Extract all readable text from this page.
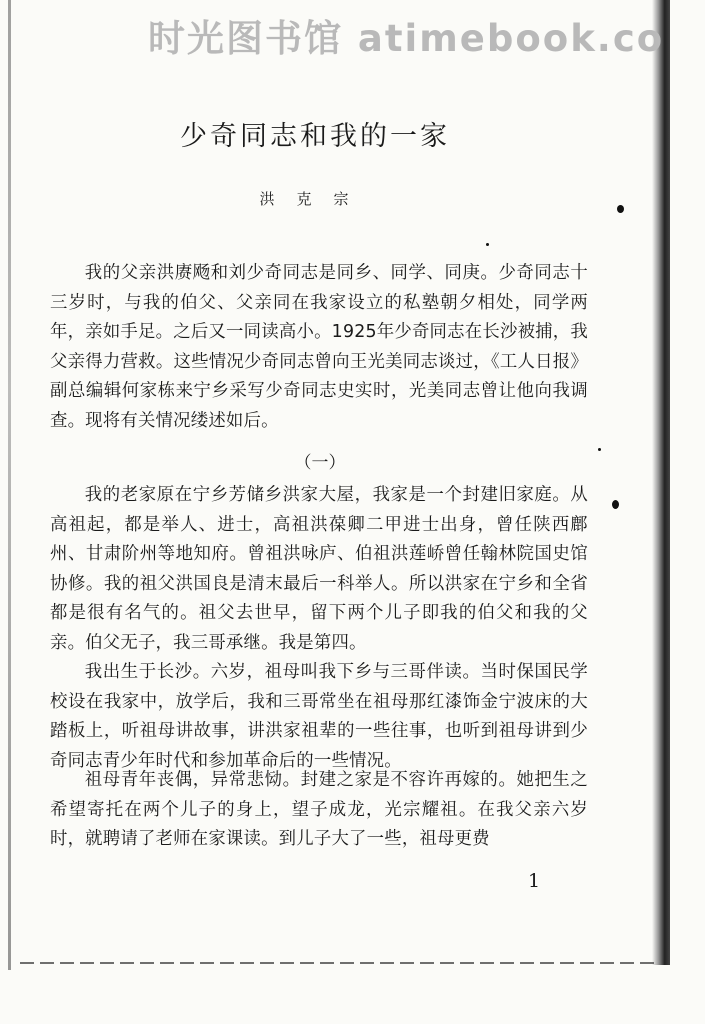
时光图书馆 atimebook.co
少奇同志和我的一家
洪克宗

我的父亲洪赓飏和刘少奇同志是同乡、同学、同庚。少奇同志十三岁时，与我的伯父、父亲同在我家设立的私塾朝夕相处，同学两年，亲如手足。之后又一同读高小。1925年少奇同志在长沙被捕，我父亲得力营救。这些情况少奇同志曾向王光美同志谈过，《工人日报》副总编辑何家栋来宁乡采写少奇同志史实时，光美同志曾让他向我调查。现将有关情况缕述如后。

（一）

我的老家原在宁乡芳储乡洪家大屋，我家是一个封建旧家庭。从高祖起，都是举人、进士，高祖洪葆卿二甲进士出身，曾任陕西鄜州、甘肃阶州等地知府。曾祖洪咏庐、伯祖洪莲峤曾任翰林院国史馆协修。我的祖父洪国良是清末最后一科举人。所以洪家在宁乡和全省都是很有名气的。祖父去世早，留下两个儿子即我的伯父和我的父亲。伯父无子，我三哥承继。我是第四。

我出生于长沙。六岁，祖母叫我下乡与三哥伴读。当时保国民学校设在我家中，放学后，我和三哥常坐在祖母那红漆饰金宁波床的大踏板上，听祖母讲故事，讲洪家祖辈的一些往事，也听到祖母讲到少奇同志青少年时代和参加革命后的一些情况。

祖母青年丧偶，异常悲恸。封建之家是不容许再嫁的。她把生之希望寄托在两个儿子的身上，望子成龙，光宗耀祖。在我父亲六岁时，就聘请了老师在家课读。到儿子大了一些，祖母更费

1
